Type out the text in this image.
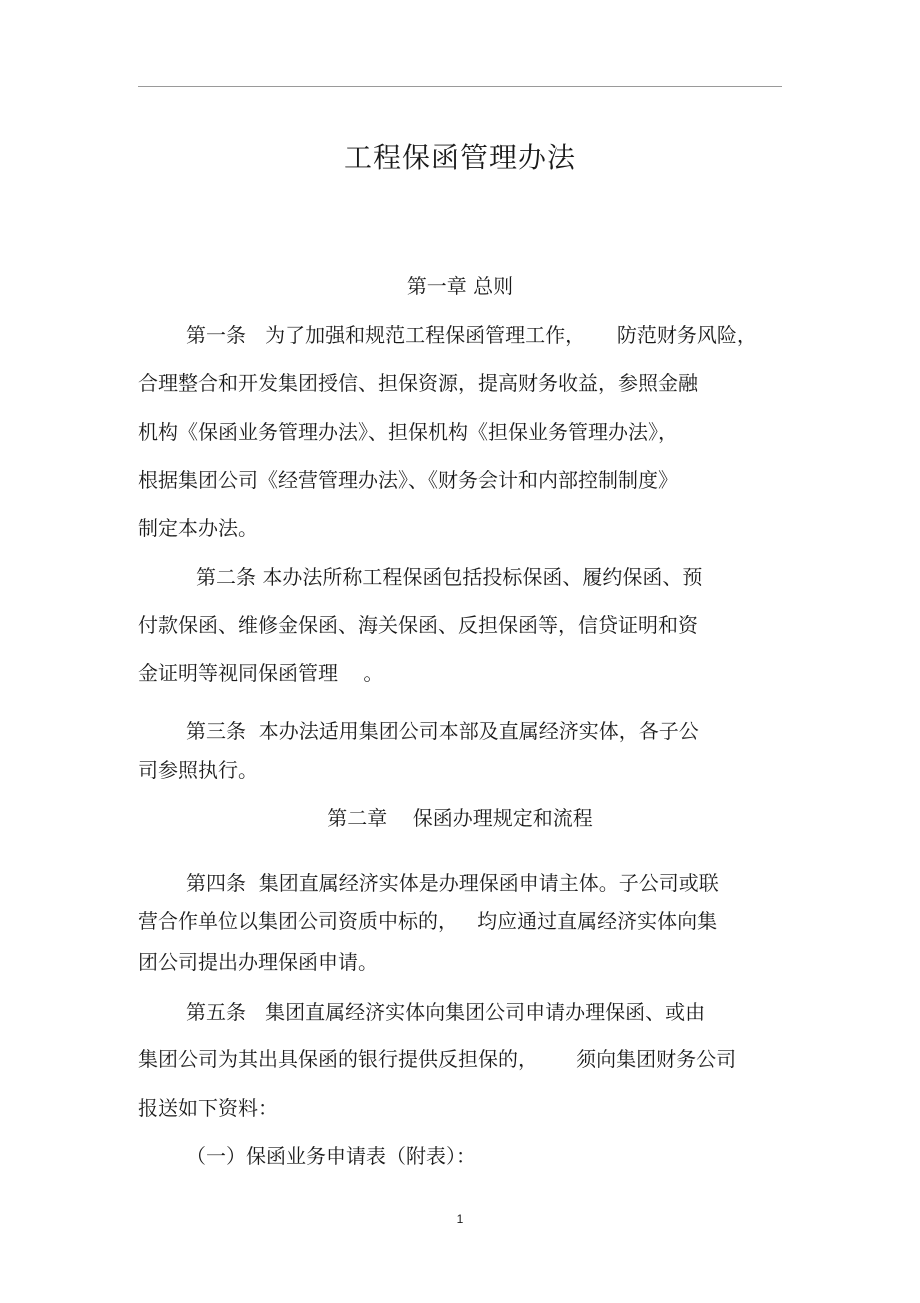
工程保函管理办法
第一章 总则
第一条   为了加强和规范工程保函管理工作，     防范财务风险，
合理整合和开发集团授信、担保资源，提高财务收益，参照金融
机构《保函业务管理办法》、担保机构《担保业务管理办法》，
根据集团公司《经营管理办法》、《财务会计和内部控制制度》
制定本办法。
第二条 本办法所称工程保函包括投标保函、履约保函、预
付款保函、维修金保函、海关保函、反担保函等，信贷证明和资
金证明等视同保函管理    。
第三条  本办法适用集团公司本部及直属经济实体，各子公
司参照执行。
第二章    保函办理规定和流程
第四条  集团直属经济实体是办理保函申请主体。子公司或联
营合作单位以集团公司资质中标的，   均应通过直属经济实体向集
团公司提出办理保函申请。
第五条   集团直属经济实体向集团公司申请办理保函、或由
集团公司为其出具保函的银行提供反担保的，      须向集团财务公司
报送如下资料：
（一）保函业务申请表（附表）：
1
